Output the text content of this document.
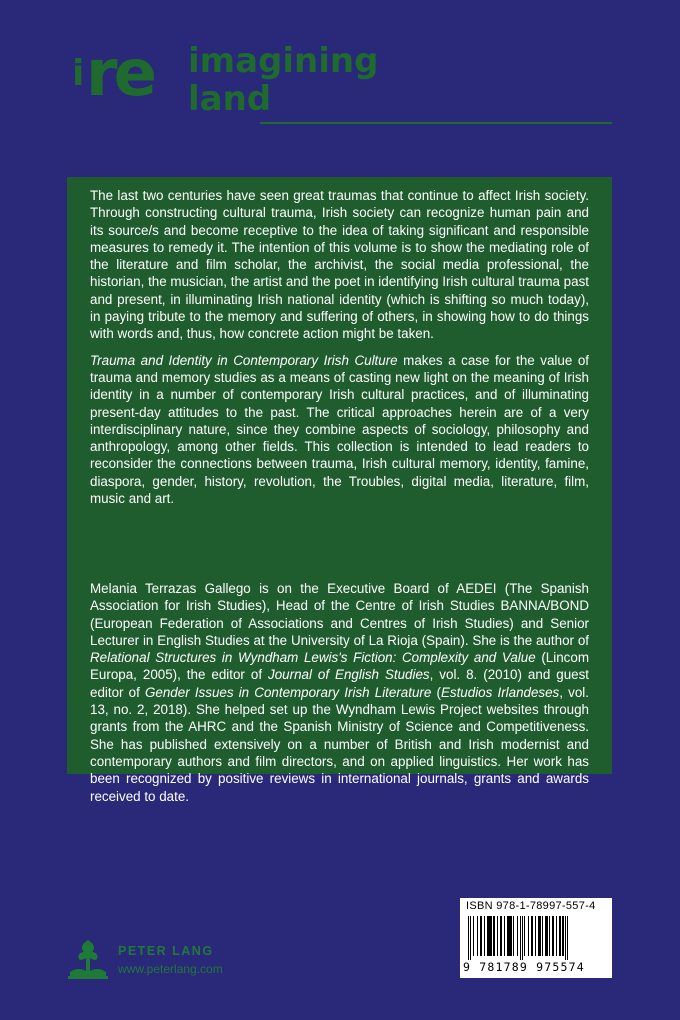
i re imagining
land

The last two centuries have seen great traumas that continue to affect Irish society. Through constructing cultural trauma, Irish society can recognize human pain and its source/s and become receptive to the idea of taking significant and responsible measures to remedy it. The intention of this volume is to show the mediating role of the literature and film scholar, the archivist, the social media professional, the historian, the musician, the artist and the poet in identifying Irish cultural trauma past and present, in illuminating Irish national identity (which is shifting so much today), in paying tribute to the memory and suffering of others, in showing how to do things with words and, thus, how concrete action might be taken.

Trauma and Identity in Contemporary Irish Culture makes a case for the value of trauma and memory studies as a means of casting new light on the meaning of Irish identity in a number of contemporary Irish cultural practices, and of illuminating present-day attitudes to the past. The critical approaches herein are of a very interdisciplinary nature, since they combine aspects of sociology, philosophy and anthropology, among other fields. This collection is intended to lead readers to reconsider the connections between trauma, Irish cultural memory, identity, famine, diaspora, gender, history, revolution, the Troubles, digital media, literature, film, music and art.

Melania Terrazas Gallego is on the Executive Board of AEDEI (The Spanish Association for Irish Studies), Head of the Centre of Irish Studies BANNA/BOND (European Federation of Associations and Centres of Irish Studies) and Senior Lecturer in English Studies at the University of La Rioja (Spain). She is the author of Relational Structures in Wyndham Lewis's Fiction: Complexity and Value (Lincom Europa, 2005), the editor of Journal of English Studies, vol. 8. (2010) and guest editor of Gender Issues in Contemporary Irish Literature (Estudios Irlandeses, vol. 13, no. 2, 2018). She helped set up the Wyndham Lewis Project websites through grants from the AHRC and the Spanish Ministry of Science and Competitiveness. She has published extensively on a number of British and Irish modernist and contemporary authors and film directors, and on applied linguistics. Her work has been recognized by positive reviews in international journals, grants and awards received to date.

PETER LANG
www.peterlang.com
ISBN 978-1-78997-557-4
9 781789 975574
